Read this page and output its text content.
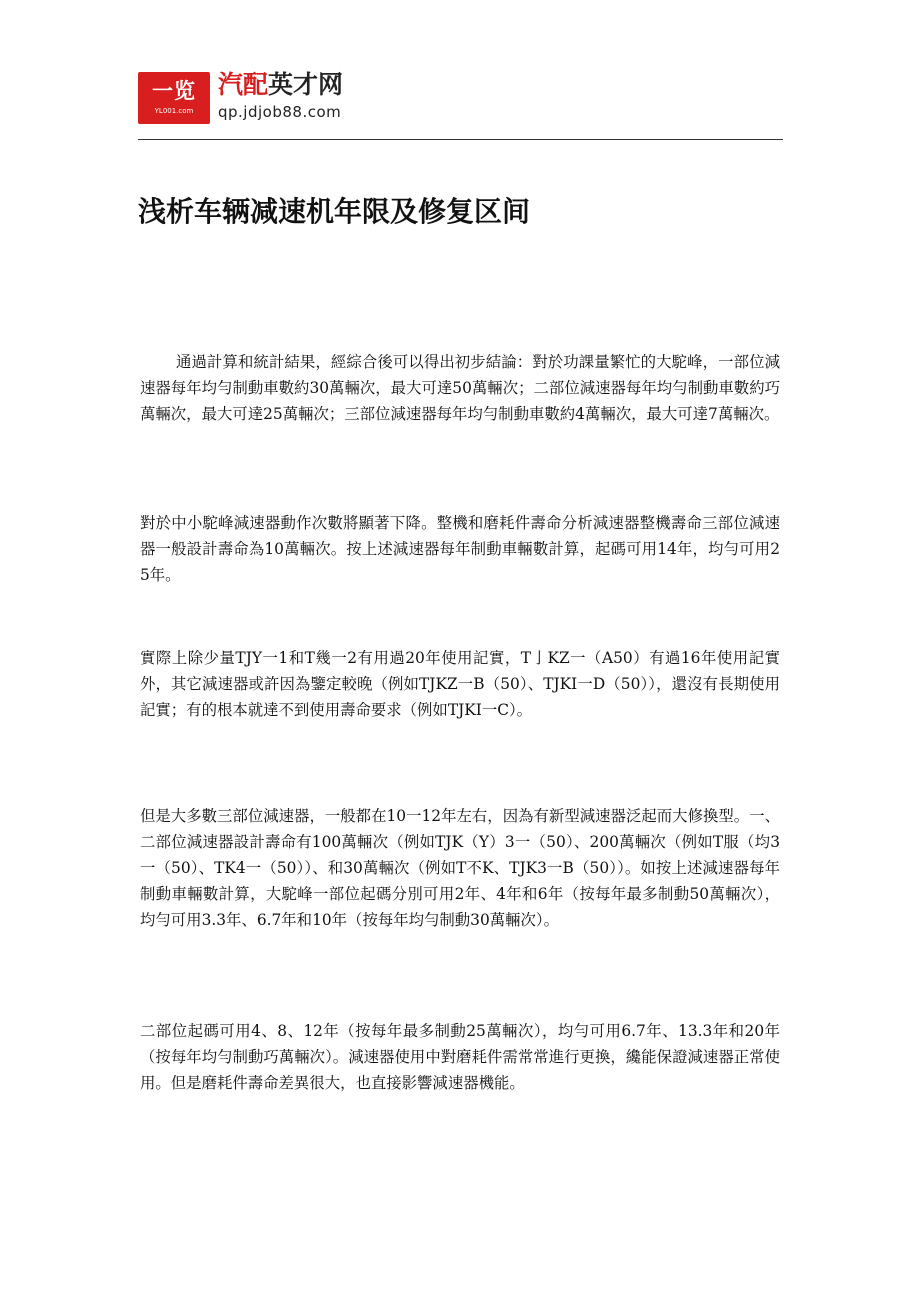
一览
YL001.com
汽配英才网
qp.jdjob88.com
浅析车辆减速机年限及修复区间

通過計算和統計結果，經綜合後可以得出初步結論：對於功課量繁忙的大駝峰，一部位減速器每年均勻制動車數約30萬輛次，最大可達50萬輛次；二部位減速器每年均勻制動車數約巧萬輛次，最大可達25萬輛次；三部位減速器每年均勻制動車數約4萬輛次，最大可達7萬輛次。

對於中小駝峰減速器動作次數將顯著下降。整機和磨耗件壽命分析減速器整機壽命三部位減速器一般設計壽命為10萬輛次。按上述減速器每年制動車輛數計算，起碼可用14年，均勻可用25年。

實際上除少量TJY一1和T幾一2有用過20年使用記實，T亅KZ一（A50）有過16年使用記實外，其它減速器或許因為鑒定較晚（例如TJKZ一B（50）、TJKI一D（50）），還沒有長期使用記實；有的根本就達不到使用壽命要求（例如TJKI一C）。

但是大多數三部位減速器，一般都在10一12年左右，因為有新型減速器泛起而大修換型。一、二部位減速器設計壽命有100萬輛次（例如TJK（Y）3一（50）、200萬輛次（例如T服（均3一（50）、TK4一（50））、和30萬輛次（例如T不K、TJK3一B（50））。如按上述減速器每年制動車輛數計算，大駝峰一部位起碼分別可用2年、4年和6年（按每年最多制動50萬輛次），均勻可用3.3年、6.7年和10年（按每年均勻制動30萬輛次）。

二部位起碼可用4、8、12年（按每年最多制動25萬輛次），均勻可用6.7年、13.3年和20年（按每年均勻制動巧萬輛次）。減速器使用中對磨耗件需常常進行更換，纔能保證減速器正常使用。但是磨耗件壽命差異很大，也直接影響減速器機能。
